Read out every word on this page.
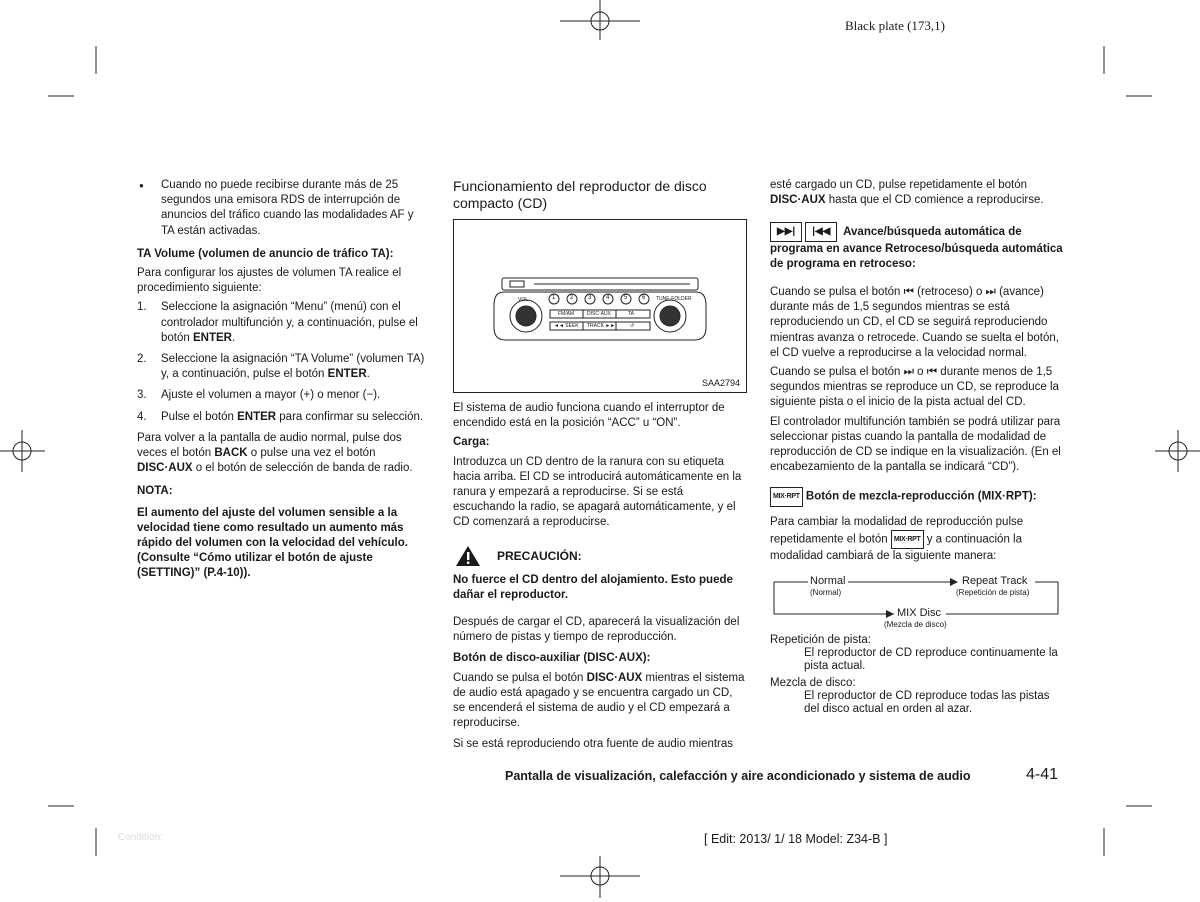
Black plate (173,1)

● Cuando no puede recibirse durante más de 25 segundos una emisora RDS de interrupción de anuncios del tráfico cuando las modalidades AF y TA están activadas.

TA Volume (volumen de anuncio de tráfico TA):

Para configurar los ajustes de volumen TA realice el procedimiento siguiente:

1. Seleccione la asignación “Menu” (menú) con el controlador multifunción y, a continuación, pulse el botón ENTER.

2. Seleccione la asignación “TA Volume” (volumen TA) y, a continuación, pulse el botón ENTER.

3. Ajuste el volumen a mayor (+) o menor (−).

4. Pulse el botón ENTER para confirmar su selección.

Para volver a la pantalla de audio normal, pulse dos veces el botón BACK o pulse una vez el botón DISC·AUX o el botón de selección de banda de radio.

NOTA:

El aumento del ajuste del volumen sensible a la velocidad tiene como resultado un aumento más rápido del volumen con la velocidad del vehículo. (Consulte “Cómo utilizar el botón de ajuste (SETTING)” (P.4-10)).

Funcionamiento del reproductor de disco compacto (CD)

VOL	TUNE·FOLDER
FM/AM	DISC·AUX	TA
◄◄ SEEK TRACK ►►	↺
SAA2794
1 2 3 4 5 6

El sistema de audio funciona cuando el interruptor de encendido está en la posición “ACC” u “ON”.

Carga:

Introduzca un CD dentro de la ranura con su etiqueta hacia arriba. El CD se introducirá automáticamente en la ranura y empezará a reproducirse. Si se está escuchando la radio, se apagará automáticamente, y el CD comenzará a reproducirse.

PRECAUCIÓN:

No fuerce el CD dentro del alojamiento. Esto puede dañar el reproductor.

Después de cargar el CD, aparecerá la visualización del número de pistas y tiempo de reproducción.

Botón de disco-auxiliar (DISC·AUX):

Cuando se pulsa el botón DISC·AUX mientras el sistema de audio está apagado y se encuentra cargado un CD, se encenderá el sistema de audio y el CD empezará a reproducirse.

Si se está reproduciendo otra fuente de audio mientras

esté cargado un CD, pulse repetidamente el botón DISC·AUX hasta que el CD comience a reproducirse.

▶▶| |◀◀ Avance/búsqueda automática de programa en avance Retroceso/búsqueda automática de programa en retroceso:

Cuando se pulsa el botón ⏮ (retroceso) o ⏭ (avance) durante más de 1,5 segundos mientras se está reproduciendo un CD, el CD se seguirá reproduciendo mientras avanza o retrocede. Cuando se suelta el botón, el CD vuelve a reproducirse a la velocidad normal.

Cuando se pulsa el botón ⏭ o ⏮ durante menos de 1,5 segundos mientras se reproduce un CD, se reproduce la siguiente pista o el inicio de la pista actual del CD.

El controlador multifunción también se podrá utilizar para seleccionar pistas cuando la pantalla de modalidad de reproducción de CD se indique en la visualización. (En el encabezamiento de la pantalla se indicará “CD”).

MIX·RPT Botón de mezcla-reproducción (MIX·RPT):

Para cambiar la modalidad de reproducción pulse repetidamente el botón MIX·RPT y a continuación la modalidad cambiará de la siguiente manera:

Normal
(Normal)
Repeat Track
(Repetición de pista)
MIX Disc
(Mezcla de disco)

Repetición de pista:

El reproductor de CD reproduce continuamente la pista actual.

Mezcla de disco:

El reproductor de CD reproduce todas las pistas del disco actual en orden al azar.

Pantalla de visualización, calefacción y aire acondicionado y sistema de audio	4-41
Condition:	[ Edit: 2013/ 1/ 18 Model: Z34-B ]
